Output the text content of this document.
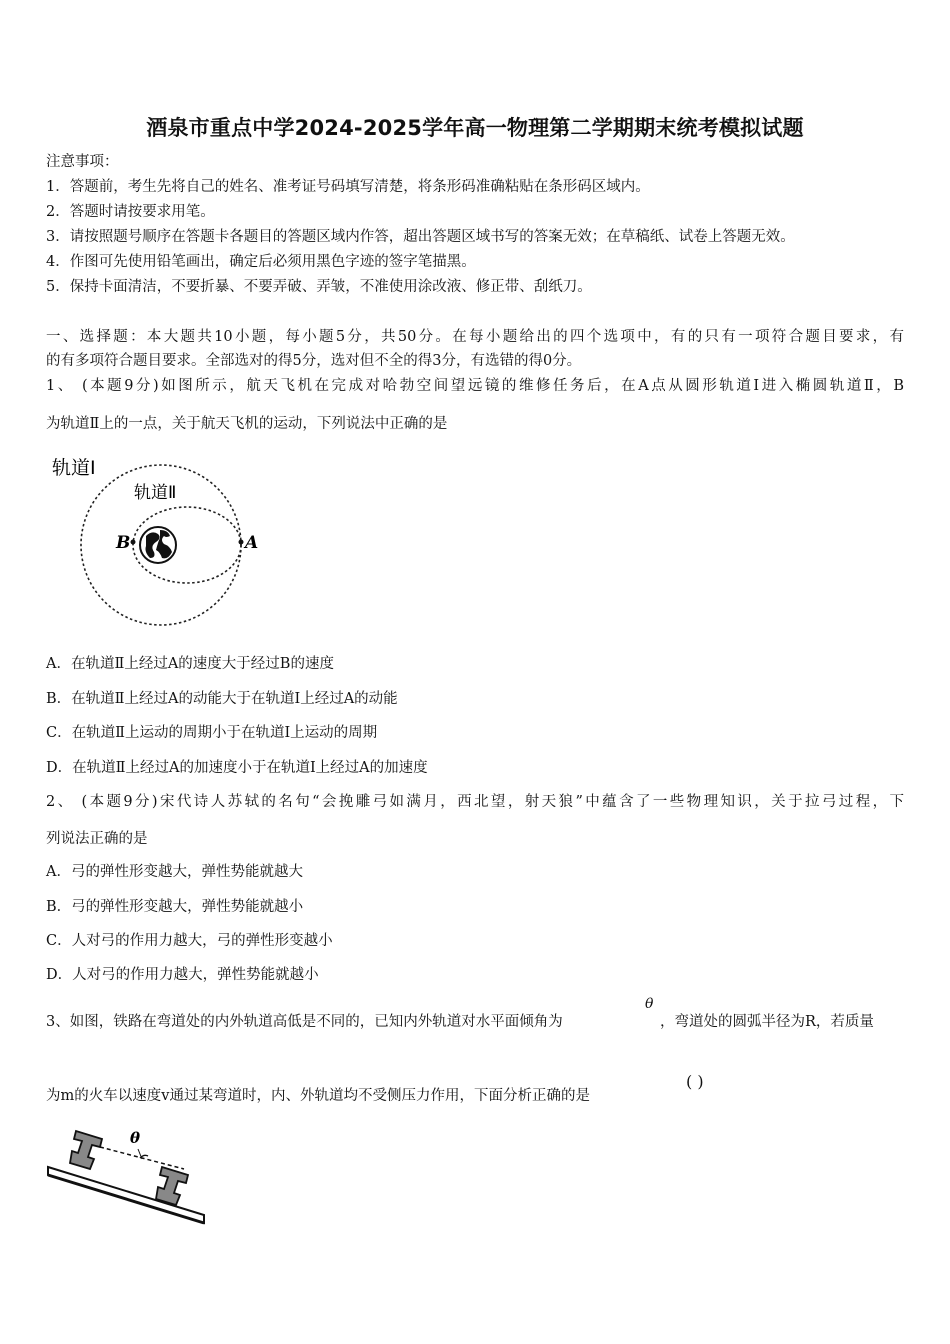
酒泉市重点中学2024-2025学年高一物理第二学期期末统考模拟试题
注意事项：
1．答题前，考生先将自己的姓名、准考证号码填写清楚，将条形码准确粘贴在条形码区域内。
2．答题时请按要求用笔。
3．请按照题号顺序在答题卡各题目的答题区域内作答，超出答题区域书写的答案无效；在草稿纸、试卷上答题无效。
4．作图可先使用铅笔画出，确定后必须用黑色字迹的签字笔描黑。
5．保持卡面清洁，不要折暴、不要弄破、弄皱，不准使用涂改液、修正带、刮纸刀。
一、选择题：本大题共10小题，每小题5分，共50分。在每小题给出的四个选项中，有的只有一项符合题目要求，有
的有多项符合题目要求。全部选对的得5分，选对但不全的得3分，有选错的得0分。
1、 (本题9分)如图所示，航天飞机在完成对哈勃空间望远镜的维修任务后，在A点从圆形轨道Ⅰ进入椭圆轨道Ⅱ，B
为轨道Ⅱ上的一点，关于航天飞机的运动，下列说法中正确的是
轨道Ⅰ
轨道Ⅱ
B	A
A．在轨道Ⅱ上经过A的速度大于经过B的速度
B．在轨道Ⅱ上经过A的动能大于在轨道I上经过A的动能
C．在轨道Ⅱ上运动的周期小于在轨道Ⅰ上运动的周期
D．在轨道Ⅱ上经过A的加速度小于在轨道Ⅰ上经过A的加速度
2、 (本题9分)宋代诗人苏轼的名句“会挽雕弓如满月，西北望，射天狼”中蕴含了一些物理知识，关于拉弓过程，下
列说法正确的是
A．弓的弹性形变越大，弹性势能就越大
B．弓的弹性形变越大，弹性势能就越小
C．人对弓的作用力越大，弓的弹性形变越小
D．人对弓的作用力越大，弹性势能就越小
3、如图，铁路在弯道处的内外轨道高低是不同的，已知内外轨道对水平面倾角为
θ
，弯道处的圆弧半径为R，若质量
为m的火车以速度v通过某弯道时，内、外轨道均不受侧压力作用，下面分析正确的是
( )
θ
